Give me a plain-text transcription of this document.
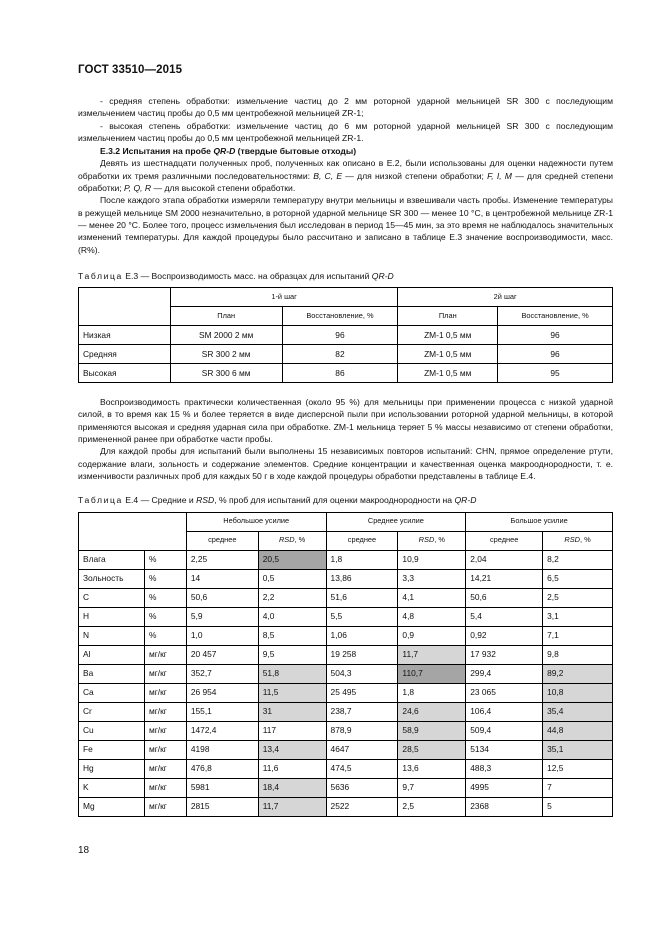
ГОСТ 33510—2015

- средняя степень обработки: измельчение частиц до 2 мм роторной ударной мельницей SR 300 с последующим измельчением частиц пробы до 0,5 мм центробежной мельницей ZR-1;

- высокая степень обработки: измельчение частиц до 6 мм роторной ударной мельницей SR 300 с последующим измельчением частиц пробы до 0,5 мм центробежной мельницей ZR-1.

Е.3.2 Испытания на пробе QR-D (твердые бытовые отходы)

Девять из шестнадцати полученных проб, полученных как описано в Е.2, были использованы для оценки надежности путем обработки их тремя различными последовательностями: B, C, E — для низкой степени обработки; F, I, M — для средней степени обработки; P, Q, R — для высокой степени обработки.

После каждого этапа обработки измеряли температуру внутри мельницы и взвешивали часть пробы. Изменение температуры в режущей мельнице SM 2000 незначительно, в роторной ударной мельнице SR 300 — менее 10 °С, в центробежной мельнице ZR-1 — менее 20 °С. Более того, процесс измельчения был исследован в период 15—45 мин, за это время не наблюдалось значительных изменений температуры. Для каждой процедуры было рассчитано и записано в таблице Е.3 значение воспроизводимости, масс. (R%).

Таблица Е.3 — Воспроизводимость масс. на образцах для испытаний QR-D

	1-й шаг		2й шаг	
	План	Восстановление, %	План	Восстановление, %
Низкая	SM 2000 2 мм	96	ZM-1 0,5 мм	96
Средняя	SR 300 2 мм	82	ZM-1 0,5 мм	96
Высокая	SR 300 6 мм	86	ZM-1 0,5 мм	95

Воспроизводимость практически количественная (около 95 %) для мельницы при применении процесса с низкой ударной силой, в то время как 15 % и более теряется в виде дисперсной пыли при использовании роторной ударной мельницы, в которой применяются высокая и средняя ударная сила при обработке. ZM-1 мельница теряет 5 % массы независимо от степени обработки, примененной ранее при обработке части пробы.

Для каждой пробы для испытаний были выполнены 15 независимых повторов испытаний: CHN, прямое определение ртути, содержание влаги, зольность и содержание элементов. Средние концентрации и качественная оценка макрооднородности, т. е. изменчивости различных проб для каждых 50 г в ходе каждой процедуры обработки представлены в таблице Е.4.

Таблица Е.4 — Средние и RSD, % проб для испытаний для оценки макрооднородности на QR-D

		Небольшое усилие		Среднее усилие		Большое усилие	
		среднее	RSD, %	среднее	RSD, %	среднее	RSD, %
Влага	%	2,25	20,5	1,8	10,9	2,04	8,2
Зольность	%	14	0,5	13,86	3,3	14,21	6,5
C	%	50,6	2,2	51,6	4,1	50,6	2,5
H	%	5,9	4,0	5,5	4,8	5,4	3,1
N	%	1,0	8,5	1,06	0,9	0,92	7,1
Al	мг/кг	20 457	9,5	19 258	11,7	17 932	9,8
Ba	мг/кг	352,7	51,8	504,3	110,7	299,4	89,2
Ca	мг/кг	26 954	11,5	25 495	1,8	23 065	10,8
Cr	мг/кг	155,1	31	238,7	24,6	106,4	35,4
Cu	мг/кг	1472,4	117	878,9	58,9	509,4	44,8
Fe	мг/кг	4198	13,4	4647	28,5	5134	35,1
Hg	мг/кг	476,8	11,6	474,5	13,6	488,3	12,5
K	мг/кг	5981	18,4	5636	9,7	4995	7
Mg	мг/кг	2815	11,7	2522	2,5	2368	5
18
